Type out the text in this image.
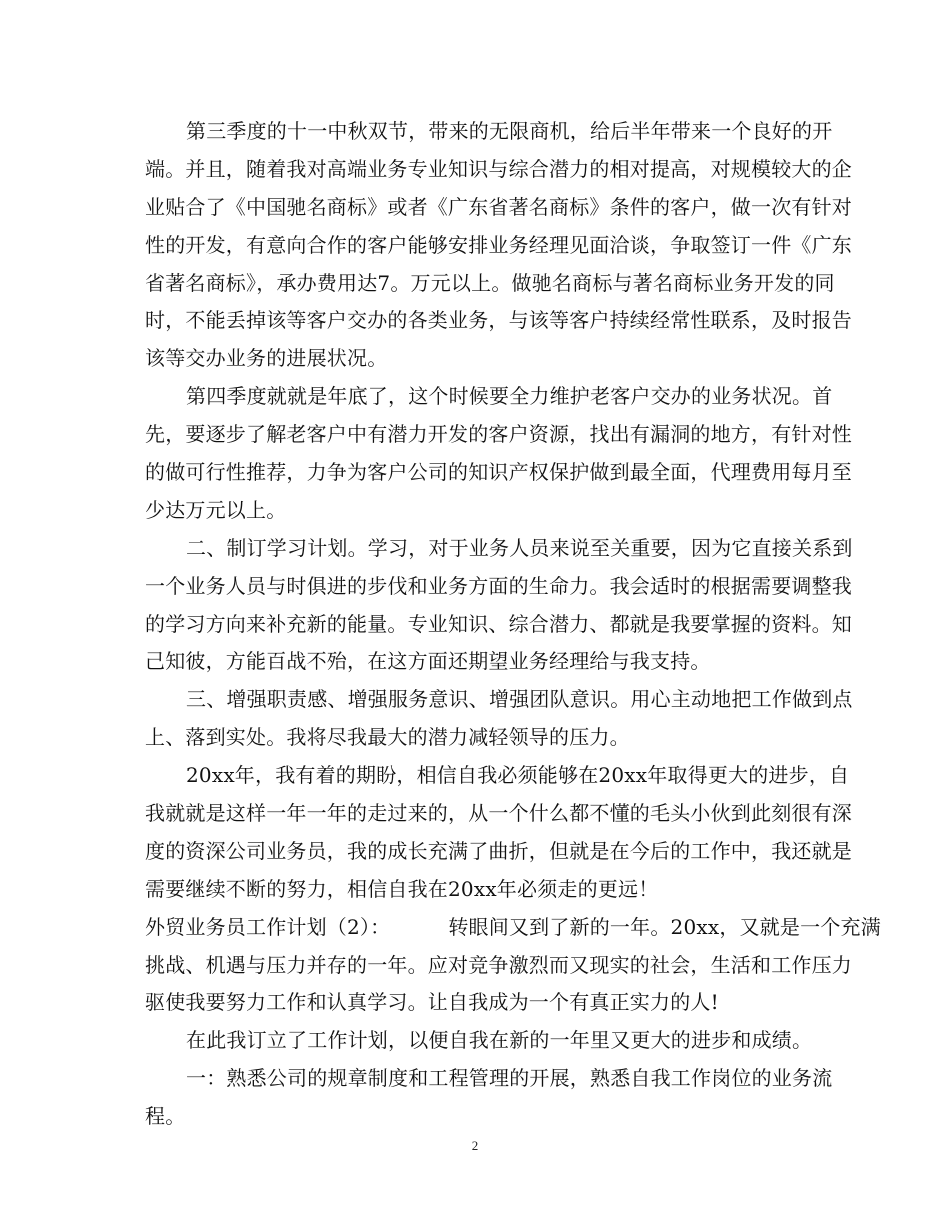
第三季度的十一中秋双节，带来的无限商机，给后半年带来一个良好的开
端。并且，随着我对高端业务专业知识与综合潜力的相对提高，对规模较大的企
业贴合了《中国驰名商标》或者《广东省著名商标》条件的客户，做一次有针对
性的开发，有意向合作的客户能够安排业务经理见面洽谈，争取签订一件《广东
省著名商标》，承办费用达7。万元以上。做驰名商标与著名商标业务开发的同
时，不能丢掉该等客户交办的各类业务，与该等客户持续经常性联系，及时报告
该等交办业务的进展状况。
第四季度就就是年底了，这个时候要全力维护老客户交办的业务状况。首
先，要逐步了解老客户中有潜力开发的客户资源，找出有漏洞的地方，有针对性
的做可行性推荐，力争为客户公司的知识产权保护做到最全面，代理费用每月至
少达万元以上。
二、制订学习计划。学习，对于业务人员来说至关重要，因为它直接关系到
一个业务人员与时俱进的步伐和业务方面的生命力。我会适时的根据需要调整我
的学习方向来补充新的能量。专业知识、综合潜力、都就是我要掌握的资料。知
己知彼，方能百战不殆，在这方面还期望业务经理给与我支持。
三、增强职责感、增强服务意识、增强团队意识。用心主动地把工作做到点
上、落到实处。我将尽我最大的潜力减轻领导的压力。
20xx年，我有着的期盼，相信自我必须能够在20xx年取得更大的进步，自
我就就是这样一年一年的走过来的，从一个什么都不懂的毛头小伙到此刻很有深
度的资深公司业务员，我的成长充满了曲折，但就是在今后的工作中，我还就是
需要继续不断的努力，相信自我在20xx年必须走的更远！
外贸业务员工作计划（2）：	转眼间又到了新的一年。20xx，又就是一个充满
挑战、机遇与压力并存的一年。应对竞争激烈而又现实的社会，生活和工作压力
驱使我要努力工作和认真学习。让自我成为一个有真正实力的人!
在此我订立了工作计划，以便自我在新的一年里又更大的进步和成绩。
一：熟悉公司的规章制度和工程管理的开展，熟悉自我工作岗位的业务流
程。
2
